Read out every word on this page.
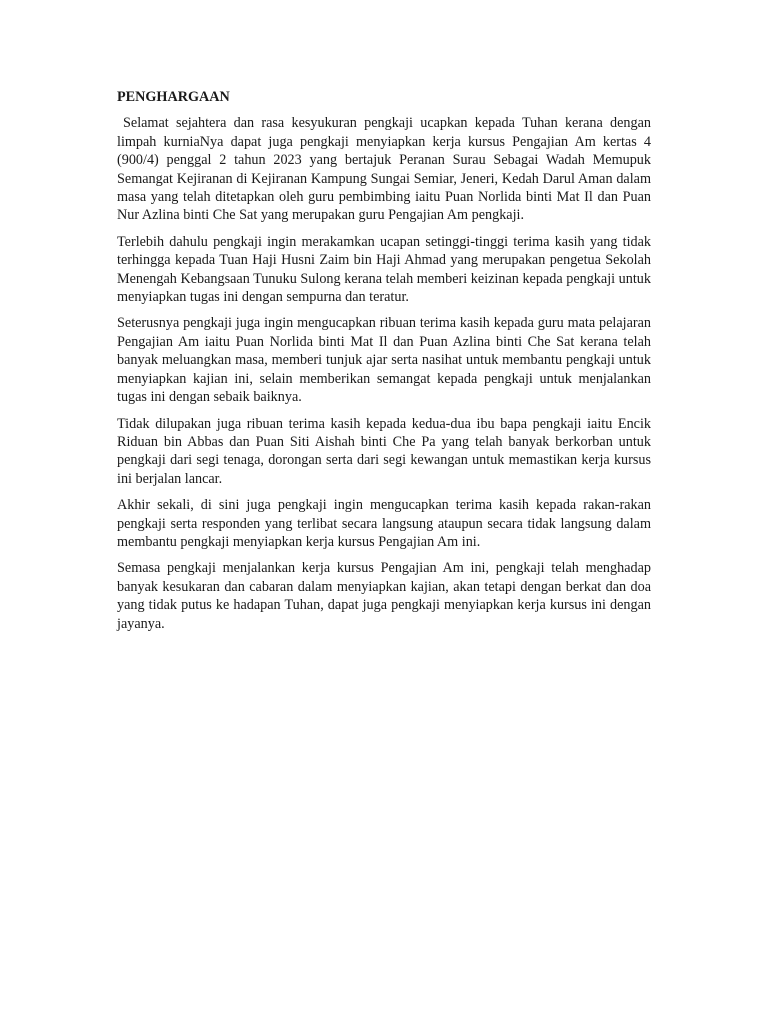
PENGHARGAAN

Selamat sejahtera dan rasa kesyukuran pengkaji ucapkan kepada Tuhan kerana dengan limpah kurniaNya dapat juga pengkaji menyiapkan kerja kursus Pengajian Am kertas 4 (900/4) penggal 2 tahun 2023 yang bertajuk Peranan Surau Sebagai Wadah Memupuk Semangat Kejiranan di Kejiranan Kampung Sungai Semiar, Jeneri, Kedah Darul Aman dalam masa yang telah ditetapkan oleh guru pembimbing iaitu Puan Norlida binti Mat Il dan Puan Nur Azlina binti Che Sat yang merupakan guru Pengajian Am pengkaji.

Terlebih dahulu pengkaji ingin merakamkan ucapan setinggi-tinggi terima kasih yang tidak terhingga kepada Tuan Haji Husni Zaim bin Haji Ahmad yang merupakan pengetua Sekolah Menengah Kebangsaan Tunuku Sulong kerana telah memberi keizinan kepada pengkaji untuk menyiapkan tugas ini dengan sempurna dan teratur.

Seterusnya pengkaji juga ingin mengucapkan ribuan terima kasih kepada guru mata pelajaran Pengajian Am iaitu Puan Norlida binti Mat Il dan Puan Azlina binti Che Sat kerana telah banyak meluangkan masa, memberi tunjuk ajar serta nasihat untuk membantu pengkaji untuk menyiapkan kajian ini, selain memberikan semangat kepada pengkaji untuk menjalankan tugas ini dengan sebaik baiknya.

Tidak dilupakan juga ribuan terima kasih kepada kedua-dua ibu bapa pengkaji iaitu Encik Riduan bin Abbas dan Puan Siti Aishah binti Che Pa yang telah banyak berkorban untuk pengkaji dari segi tenaga, dorongan serta dari segi kewangan untuk memastikan kerja kursus ini berjalan lancar.

Akhir sekali, di sini juga pengkaji ingin mengucapkan terima kasih kepada rakan-rakan pengkaji serta responden yang terlibat secara langsung ataupun secara tidak langsung dalam membantu pengkaji menyiapkan kerja kursus Pengajian Am ini.

Semasa pengkaji menjalankan kerja kursus Pengajian Am ini, pengkaji telah menghadap banyak kesukaran dan cabaran dalam menyiapkan kajian, akan tetapi dengan berkat dan doa yang tidak putus ke hadapan Tuhan, dapat juga pengkaji menyiapkan kerja kursus ini dengan jayanya.
